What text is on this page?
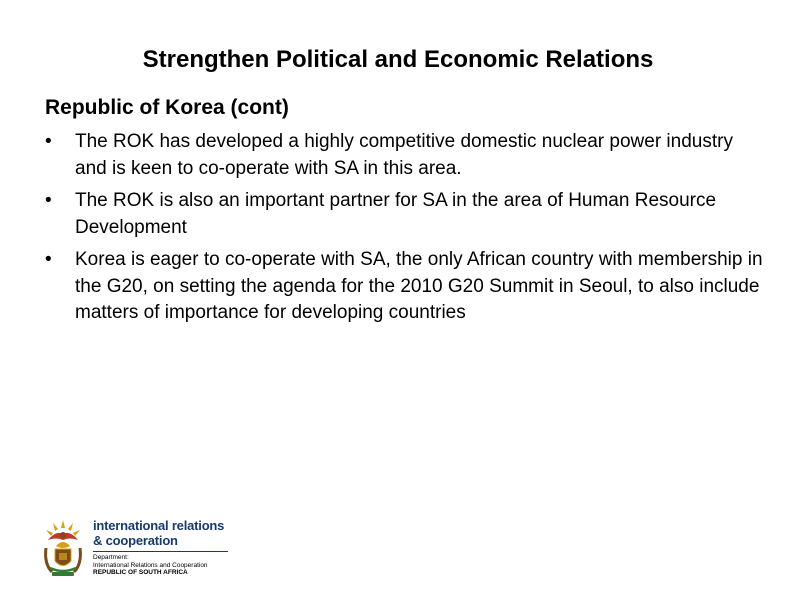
Strengthen Political and Economic Relations
Republic of Korea (cont)
•	The ROK has developed a highly competitive domestic nuclear power industry and is keen to co-operate with SA in this area.
•	The ROK is also an important partner for SA in the area of Human Resource Development
•	Korea is eager to co-operate with SA, the only African country with membership in the G20, on setting the agenda for the 2010 G20 Summit in Seoul, to also include matters of importance for developing countries
international relations
& cooperation
Department:
International Relations and Cooperation
REPUBLIC OF SOUTH AFRICA
